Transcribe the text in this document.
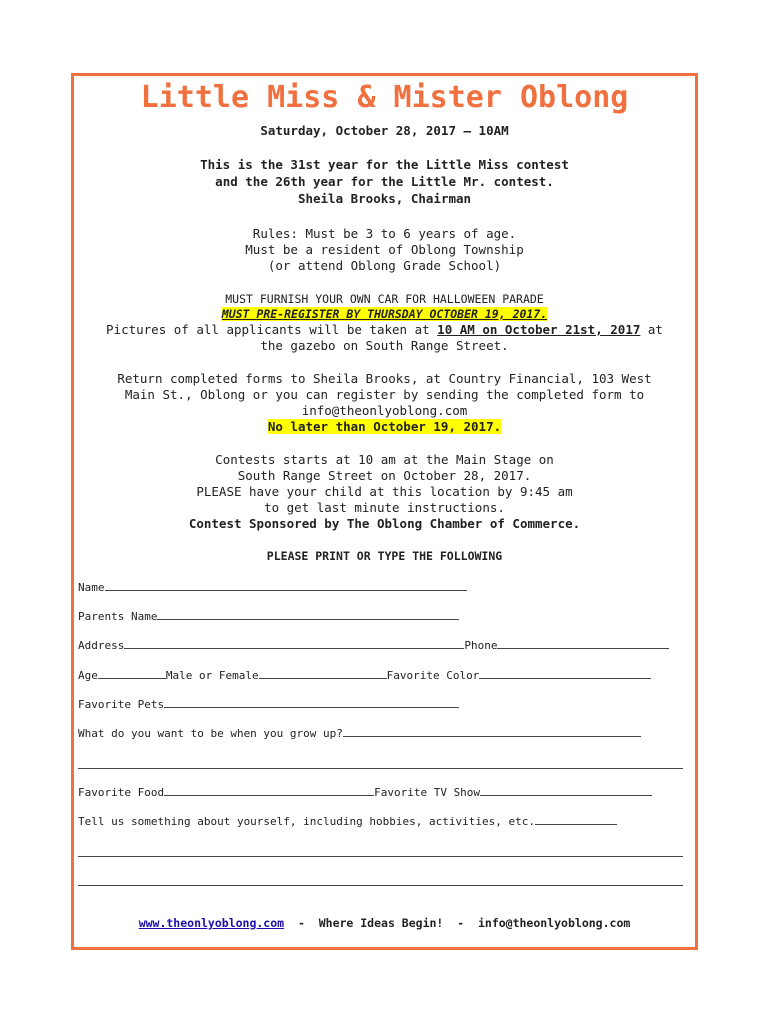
Little Miss & Mister Oblong
Saturday, October 28, 2017 – 10AM
This is the 31st year for the Little Miss contest
and the 26th year for the Little Mr. contest.
Sheila Brooks, Chairman
Rules: Must be 3 to 6 years of age.
Must be a resident of Oblong Township
(or attend Oblong Grade School)
MUST FURNISH YOUR OWN CAR FOR HALLOWEEN PARADE
MUST PRE-REGISTER BY THURSDAY OCTOBER 19, 2017.
Pictures of all applicants will be taken at 10 AM on October 21st, 2017 at
the gazebo on South Range Street.
Return completed forms to Sheila Brooks, at Country Financial, 103 West
Main St., Oblong or you can register by sending the completed form to
info@theonlyoblong.com
No later than October 19, 2017.
Contests starts at 10 am at the Main Stage on
South Range Street on October 28, 2017.
PLEASE have your child at this location by 9:45 am
to get last minute instructions.
Contest Sponsored by The Oblong Chamber of Commerce.
PLEASE PRINT OR TYPE THE FOLLOWING
Name
Parents Name
Address	Phone
Age	Male or Female	Favorite Color
Favorite Pets
What do you want to be when you grow up?
Favorite Food	Favorite TV Show
Tell us something about yourself, including hobbies, activities, etc.
www.theonlyoblong.com  -  Where Ideas Begin!  -  info@theonlyoblong.com
